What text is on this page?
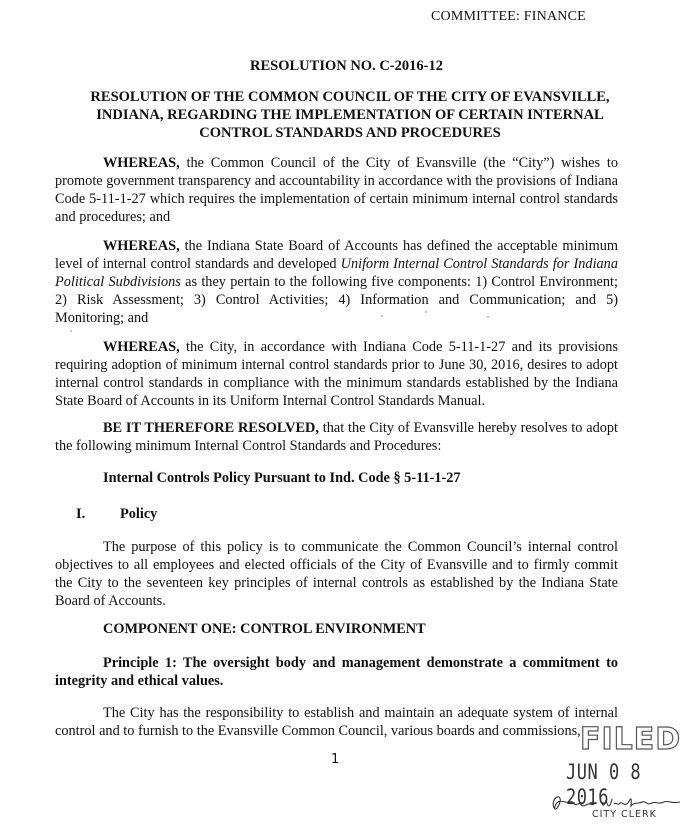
COMMITTEE: FINANCE
RESOLUTION NO. C-2016-12
RESOLUTION OF THE COMMON COUNCIL OF THE CITY OF EVANSVILLE,
INDIANA, REGARDING THE IMPLEMENTATION OF CERTAIN INTERNAL
CONTROL STANDARDS AND PROCEDURES
WHEREAS, the Common Council of the City of Evansville (the “City”) wishes to promote government transparency and accountability in accordance with the provisions of Indiana Code 5-11-1-27 which requires the implementation of certain minimum internal control standards and procedures; and
WHEREAS, the Indiana State Board of Accounts has defined the acceptable minimum level of internal control standards and developed Uniform Internal Control Standards for Indiana Political Subdivisions as they pertain to the following five components: 1) Control Environment; 2) Risk Assessment; 3) Control Activities; 4) Information and Communication; and 5) Monitoring; and
WHEREAS, the City, in accordance with Indiana Code 5-11-1-27 and its provisions requiring adoption of minimum internal control standards prior to June 30, 2016, desires to adopt internal control standards in compliance with the minimum standards established by the Indiana State Board of Accounts in its Uniform Internal Control Standards Manual.
BE IT THEREFORE RESOLVED, that the City of Evansville hereby resolves to adopt the following minimum Internal Control Standards and Procedures:
Internal Controls Policy Pursuant to Ind. Code § 5-11-1-27
I. Policy
The purpose of this policy is to communicate the Common Council’s internal control objectives to all employees and elected officials of the City of Evansville and to firmly commit the City to the seventeen key principles of internal controls as established by the Indiana State Board of Accounts.
COMPONENT ONE: CONTROL ENVIRONMENT
Principle 1: The oversight body and management demonstrate a commitment to integrity and ethical values.
The City has the responsibility to establish and maintain an adequate system of internal control and to furnish to the Evansville Common Council, various boards and commissions,
1
FILED
JUN 0 8 2016
CITY CLERK
